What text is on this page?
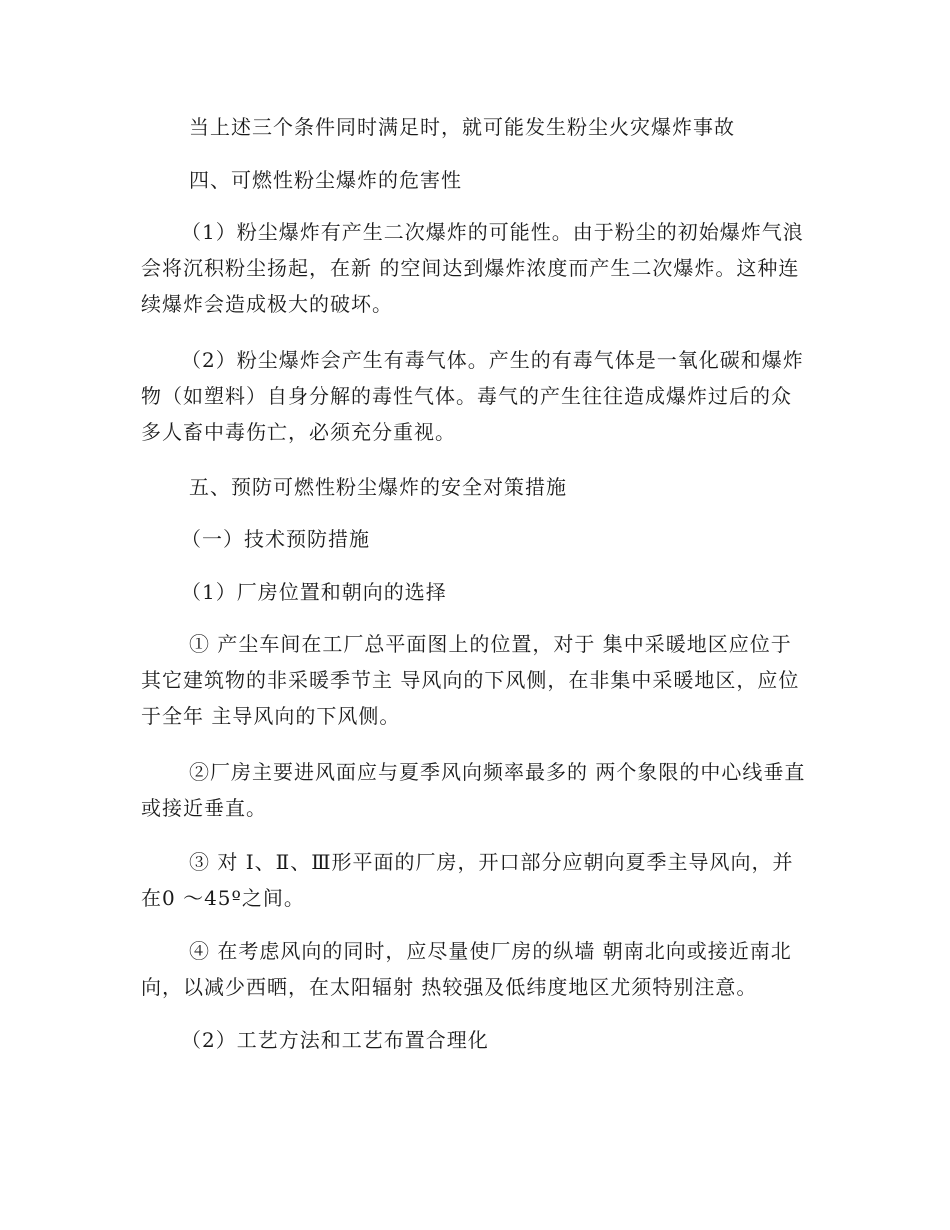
当上述三个条件同时满足时，就可能发生粉尘火灾爆炸事故

四、可燃性粉尘爆炸的危害性

（1）粉尘爆炸有产生二次爆炸的可能性。由于粉尘的初始爆炸气浪会将沉积粉尘扬起，在新 的空间达到爆炸浓度而产生二次爆炸。这种连续爆炸会造成极大的破坏。

（2）粉尘爆炸会产生有毒气体。产生的有毒气体是一氧化碳和爆炸物（如塑料）自身分解的毒性气体。毒气的产生往往造成爆炸过后的众多人畜中毒伤亡，必须充分重视。

五、预防可燃性粉尘爆炸的安全对策措施

（一）技术预防措施

（1）厂房位置和朝向的选择

① 产尘车间在工厂总平面图上的位置，对于 集中采暖地区应位于其它建筑物的非采暖季节主 导风向的下风侧，在非集中采暖地区，应位于全年 主导风向的下风侧。

②厂房主要进风面应与夏季风向频率最多的 两个象限的中心线垂直或接近垂直。

③ 对 Ⅰ、Ⅱ、Ⅲ形平面的厂房，开口部分应朝向夏季主导风向，并在0 ～45º之间。

④ 在考虑风向的同时，应尽量使厂房的纵墙 朝南北向或接近南北向，以减少西晒，在太阳辐射 热较强及低纬度地区尤须特别注意。

（2）工艺方法和工艺布置合理化
